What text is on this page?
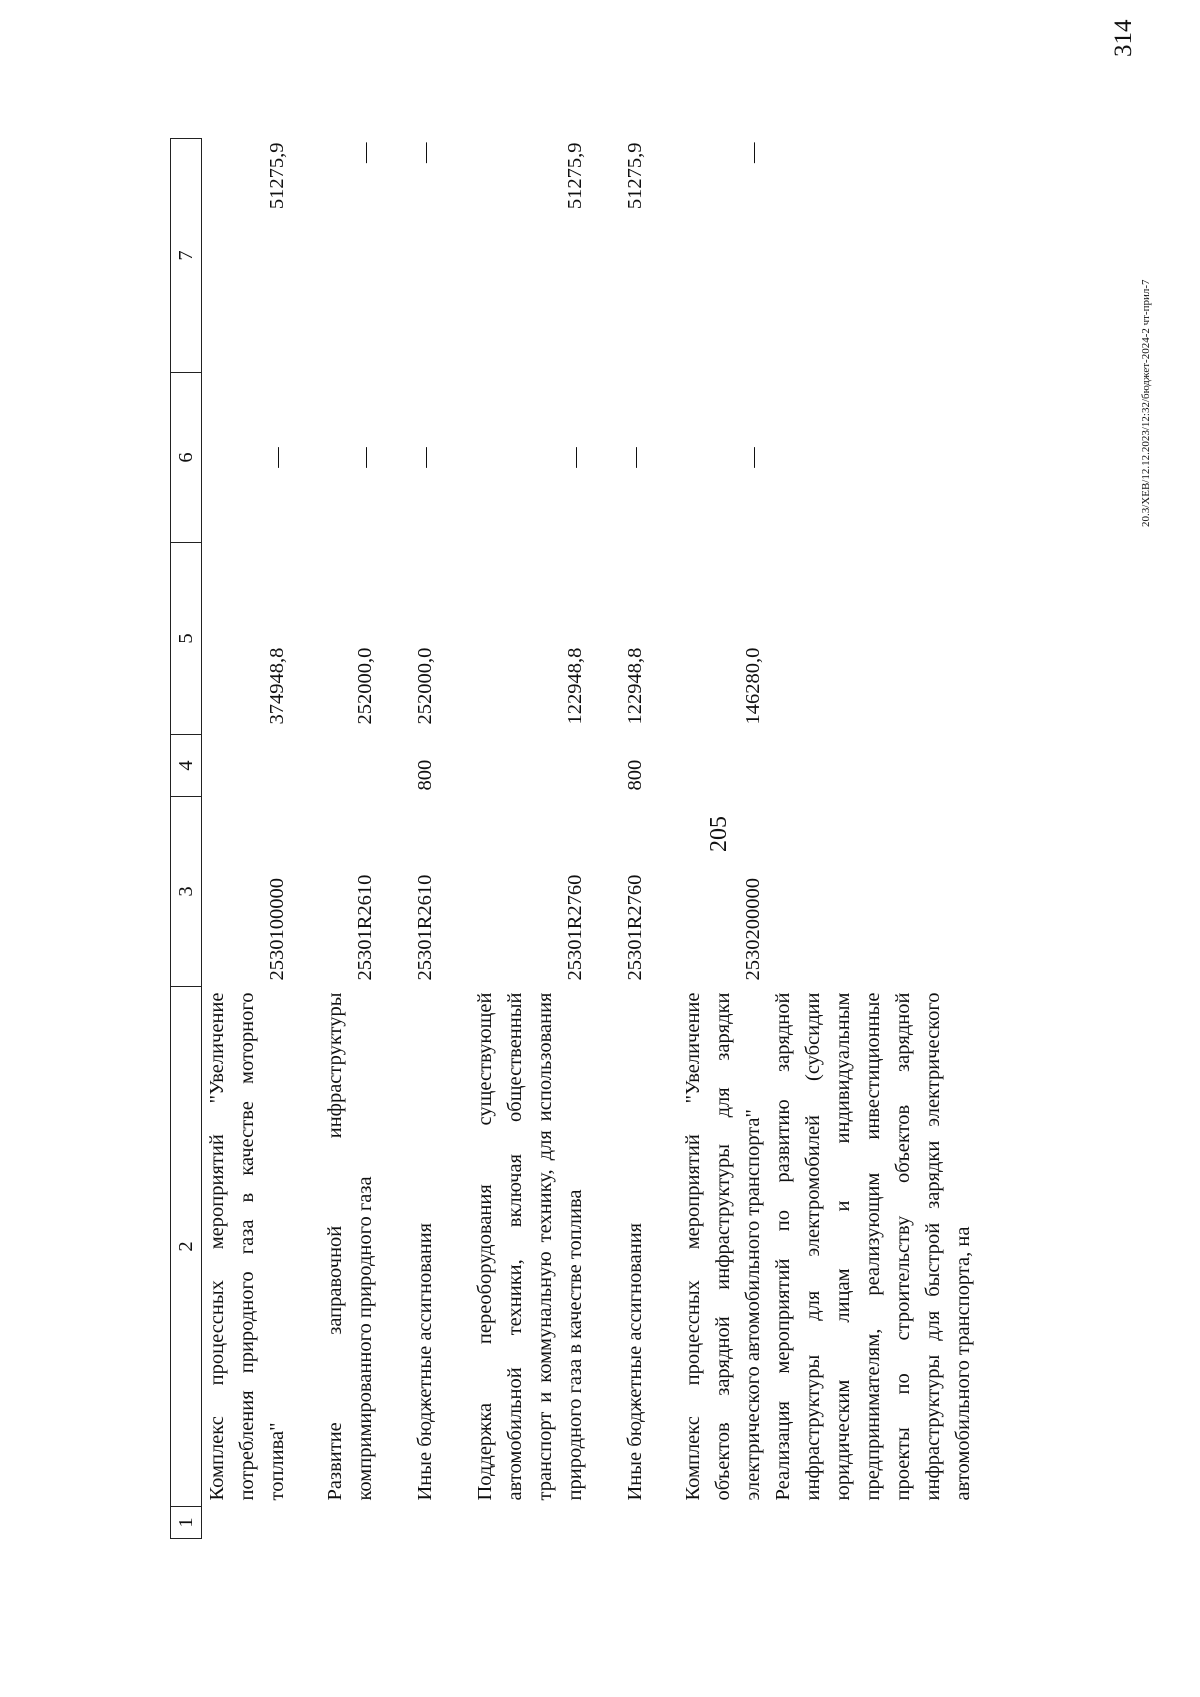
205
1	2	3	4	5	6	7
	Комплекс процессных мероприятий "Увеличение потребления природного газа в качестве моторного топлива"	2530100000		374948,8	—	51275,9
	Развитие заправочной инфраструктуры компримированного природного газа	25301R2610		252000,0	—	—
	Иные бюджетные ассигнования	25301R2610	800	252000,0	—	—
	Поддержка переоборудования существующей автомобильной техники, включая общественный транспорт и коммунальную технику, для использования природного газа в качестве топлива	25301R2760		122948,8	—	51275,9
	Иные бюджетные ассигнования	25301R2760	800	122948,8	—	51275,9
	Комплекс процессных мероприятий "Увеличение объектов зарядной инфраструктуры для зарядки электрического автомобильного транспорта"	2530200000		146280,0	—	—
	Реализация мероприятий по развитию зарядной инфраструктуры для электромобилей (субсидии юридическим лицам и индивидуальным предпринимателям, реализующим инвестиционные проекты по строительству объектов зарядной инфраструктуры для быстрой зарядки электрического автомобильного транспорта, на					
314
20.3/XEB/12.12.2023/12:32/бюджет-2024-2 чт-прил-7
